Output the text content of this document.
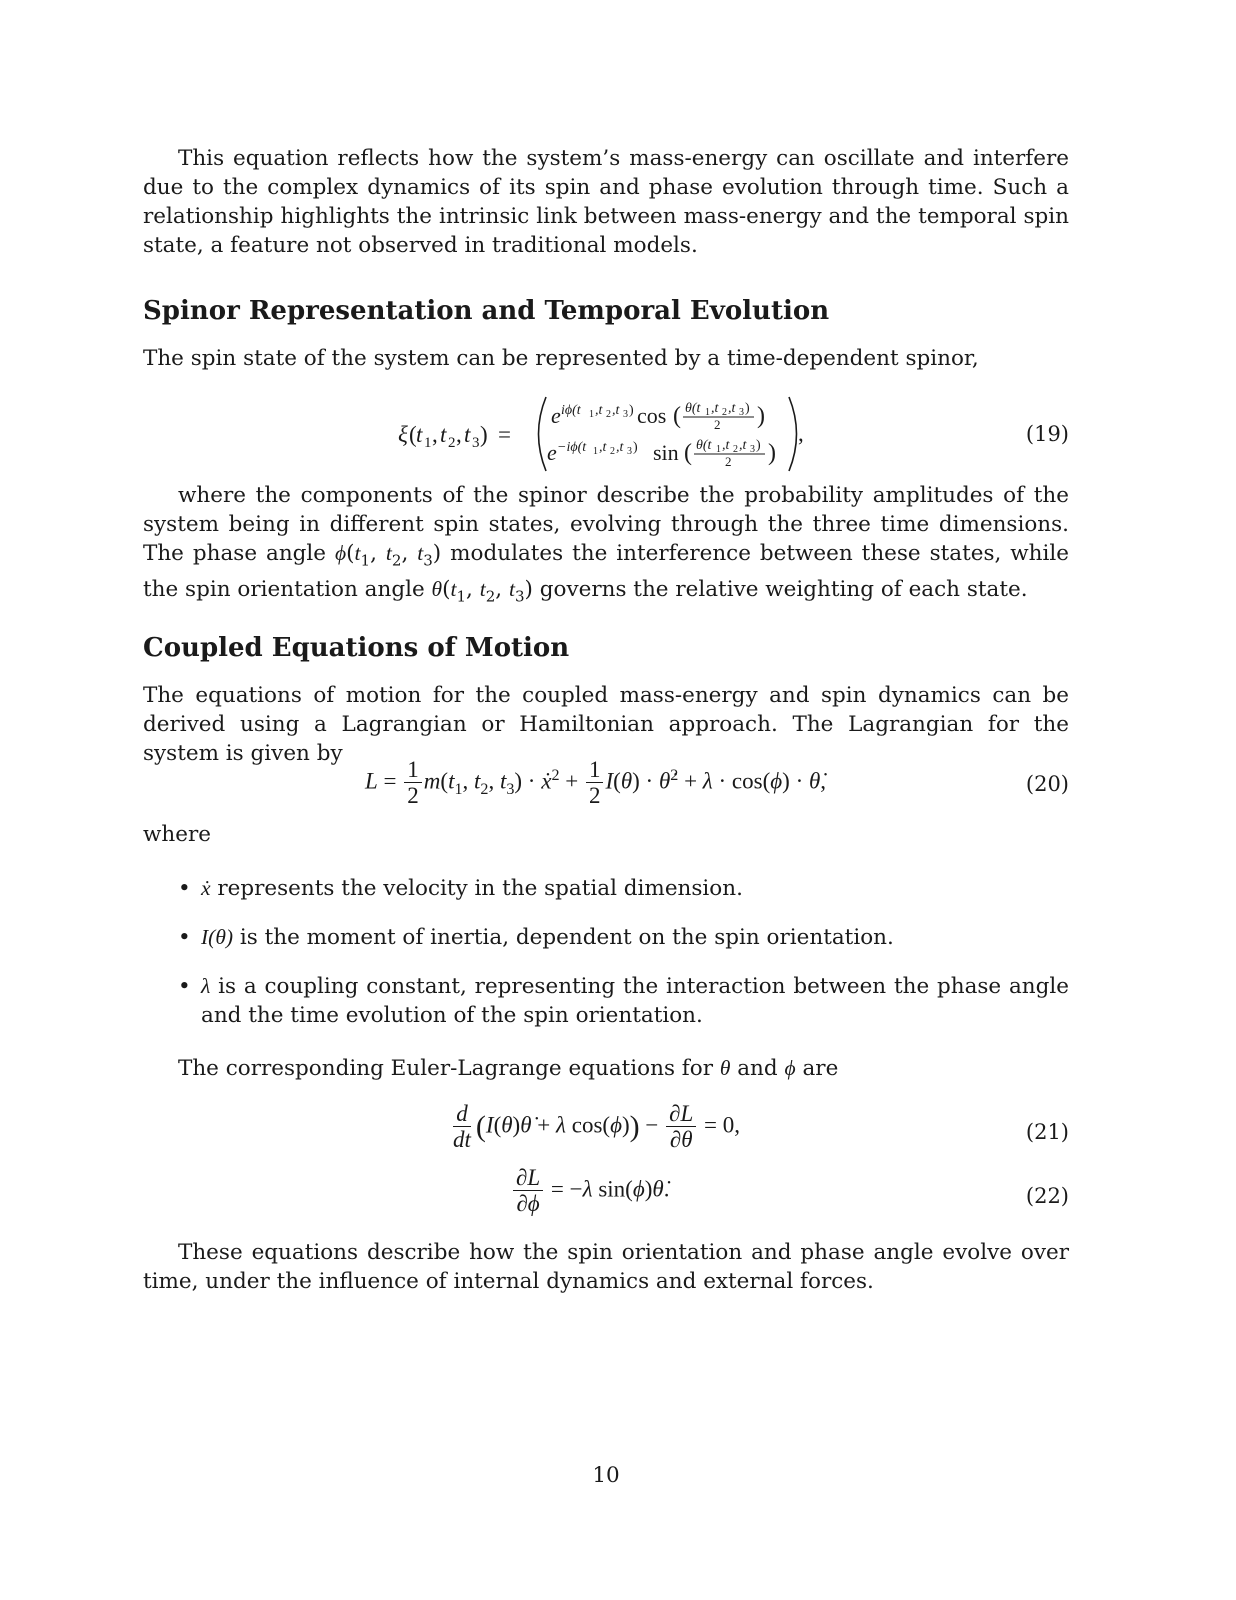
This equation reflects how the system’s mass-energy can oscillate and interfere due to the complex dynamics of its spin and phase evolution through time. Such a relationship highlights the intrinsic link between mass-energy and the temporal spin state, a feature not observed in traditional models.

Spinor Representation and Temporal Evolution

The spin state of the system can be represented by a time-dependent spinor,

ξ ( t 1 , t 2 , t 3 ) =
e iϕ(t 1 ,t 2 ,t 3 ) cos ( θ(t 1 ,t 2 ,t 3 )
2 )
e −iϕ(t 1 ,t 2 ,t 3 ) sin ( θ(t 1 ,t 2 ,t 3 )
2 )
,	(19)

where the components of the spinor describe the probability amplitudes of the system being in different spin states, evolving through the three time dimensions. The phase angle $\phi(t_1$, $t_2$, $t_3$) modulates the interference between these states, while the spin orientation angle $\theta(t_1$, $t_2$, $t_3$) governs the relative weighting of each state.

Coupled Equations of Motion

The equations of motion for the coupled mass-energy and spin dynamics can be derived using a Lagrangian or Hamiltonian approach. The Lagrangian for the system is given by

$L = \frac{1}{2} m(t_1$, $t_2$, $t_3$) · ẋ$^2$ + $\frac{1}{2} I(\theta)$ · θ̇$^2$ + λ · cos(ϕ) · θ̇,	(20)

where

• ẋ represents the velocity in the spatial dimension.
• I(θ) is the moment of inertia, dependent on the spin orientation.
• λ is a coupling constant, representing the interaction between the phase angle and the time evolution of the spin orientation.

The corresponding Euler-Lagrange equations for θ and ϕ are

$\frac{d}{dt}$ (I(θ)θ̇ + λ $\cos(\phi)) - \frac{\partial L}{\partial\theta} = 0$,	(21)
$\frac{\partial L}{\partial\phi} = -\lambda$ sin(ϕ)θ̇.	(22)

These equations describe how the spin orientation and phase angle evolve over time, under the influence of internal dynamics and external forces.

10
